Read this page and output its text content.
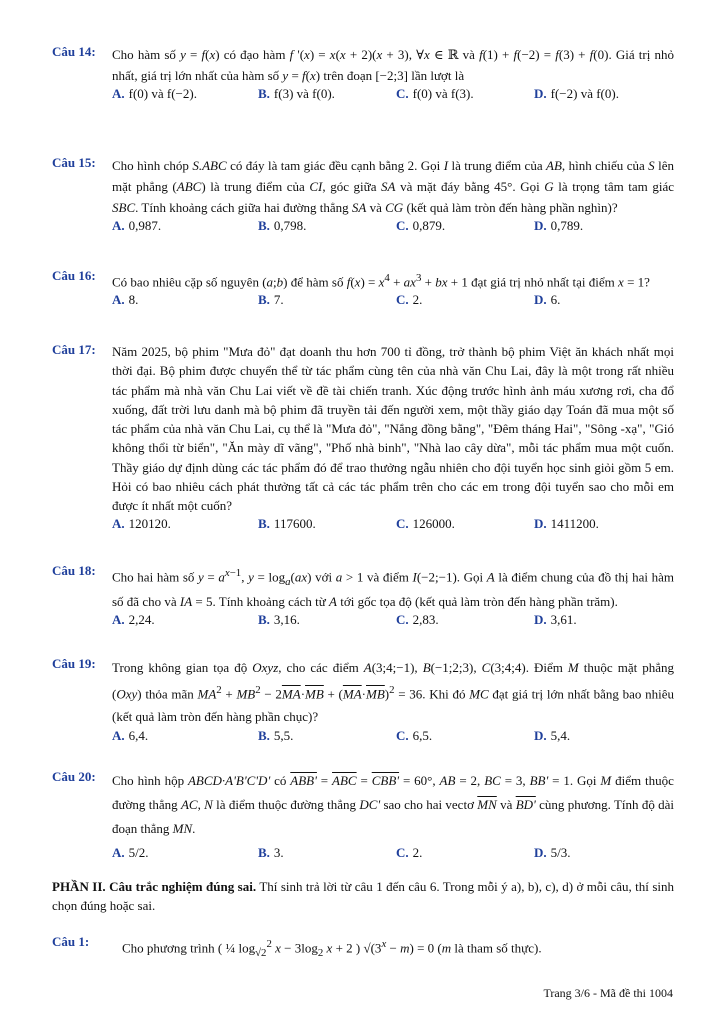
Câu 14: Cho hàm số y = f(x) có đạo hàm f '(x) = x(x + 2)(x + 3), ∀x ∈ ℝ và f(1) + f(−2) = f(3) + f(0). Giá trị nhỏ nhất, giá trị lớn nhất của hàm số y = f(x) trên đoạn [−2;3] lần lượt là
A. f(0) và f(−2).	B. f(3) và f(0).	C. f(0) và f(3).	D. f(−2) và f(0).
Câu 15: Cho hình chóp S.ABC có đáy là tam giác đều cạnh bằng 2. Gọi I là trung điểm của AB, hình chiếu của S lên mặt phẳng (ABC) là trung điểm của CI, góc giữa SA và mặt đáy bằng 45°. Gọi G là trọng tâm tam giác SBC. Tính khoảng cách giữa hai đường thẳng SA và CG (kết quả làm tròn đến hàng phần nghìn)?
A. 0,987.	B. 0,798.	C. 0,879.	D. 0,789.
Câu 16: Có bao nhiêu cặp số nguyên (a;b) để hàm số $f(x) = x^4 + ax^3$ + bx + 1 đạt giá trị nhỏ nhất tại điểm x = 1?
A. 8.	B. 7.	C. 2.	D. 6.
Câu 17: Năm 2025, bộ phim "Mưa đỏ" đạt doanh thu hơn 700 tỉ đồng, trở thành bộ phim Việt ăn khách nhất mọi thời đại. Bộ phim được chuyển thể từ tác phẩm cùng tên của nhà văn Chu Lai, đây là một trong rất nhiều tác phẩm mà nhà văn Chu Lai viết về đề tài chiến tranh. Xúc động trước hình ảnh máu xương rơi, cha đổ xuống, đất trời lưu danh mà bộ phim đã truyền tải đến người xem, một thầy giáo dạy Toán đã mua một số tác phẩm của nhà văn Chu Lai, cụ thể là "Mưa đỏ", "Nắng đồng bằng", "Đêm tháng Hai", "Sông -xạ", "Gió không thổi từ biển", "Ăn mày dĩ vãng", "Phố nhà binh", "Nhà lao cây dừa", mỗi tác phẩm mua một cuốn. Thầy giáo dự định dùng các tác phẩm đó để trao thưởng ngẫu nhiên cho đội tuyển học sinh giỏi gồm 5 em. Hỏi có bao nhiêu cách phát thưởng tất cả các tác phẩm trên cho các em trong đội tuyển sao cho mỗi em được ít nhất một cuốn?
A. 120120.	B. 117600.	C. 126000.	D. 1411200.
Câu 18: Cho hai hàm số $y = a^{x-1}$, $y = \log_a(ax)$ với a > 1 và điểm I(−2;−1). Gọi A là điểm chung của đồ thị hai hàm số đã cho và IA = 5. Tính khoảng cách từ A tới gốc tọa độ (kết quả làm tròn đến hàng phần trăm).
A. 2,24.	B. 3,16.	C. 2,83.	D. 3,61.
Câu 19: Trong không gian tọa độ Oxyz, cho các điểm A(3;4;−1), B(−1;2;3), C(3;4;4). Điểm M thuộc mặt phẳng (Oxy) thỏa mãn $MA^2 + MB^2 - 2\overline{MA}\cdot\overline{MB} + (\overline{MA}\cdot\overline{MB})^2 = 36$. Khi đó MC đạt giá trị lớn nhất bằng bao nhiêu (kết quả làm tròn đến hàng phần chục)?
A. 6,4.	B. 5,5.	C. 6,5.	D. 5,4.
Câu 20: Cho hình hộp ABCD·A'B'C'D' có $ABB' = \overline{ABC} = CBB' = 60^\circ$, AB = 2, BC = 3, BB' = 1. Gọi M điểm thuộc đường thẳng AC, N là điểm thuộc đường thẳng DC' sao cho hai vectơ $\overline{MN}$ và BD' cùng phương. Tính độ dài đoạn thẳng MN.
A. 5/2.	B. 3.	C. 2.	D. 5/3.
PHẦN II. Câu trắc nghiệm đúng sai. Thí sinh trả lời từ câu 1 đến câu 6. Trong mỗi ý a), b), c), d) ở mỗi câu, thí sinh chọn đúng hoặc sai.
Câu 1:	Cho phương trình ( ¼ $\log_{√2}^2 x - 3\log_2$ x + 2 ) $√(3^x - m) = 0$ (m là tham số thực).
Trang 3/6 - Mã đề thi 1004
